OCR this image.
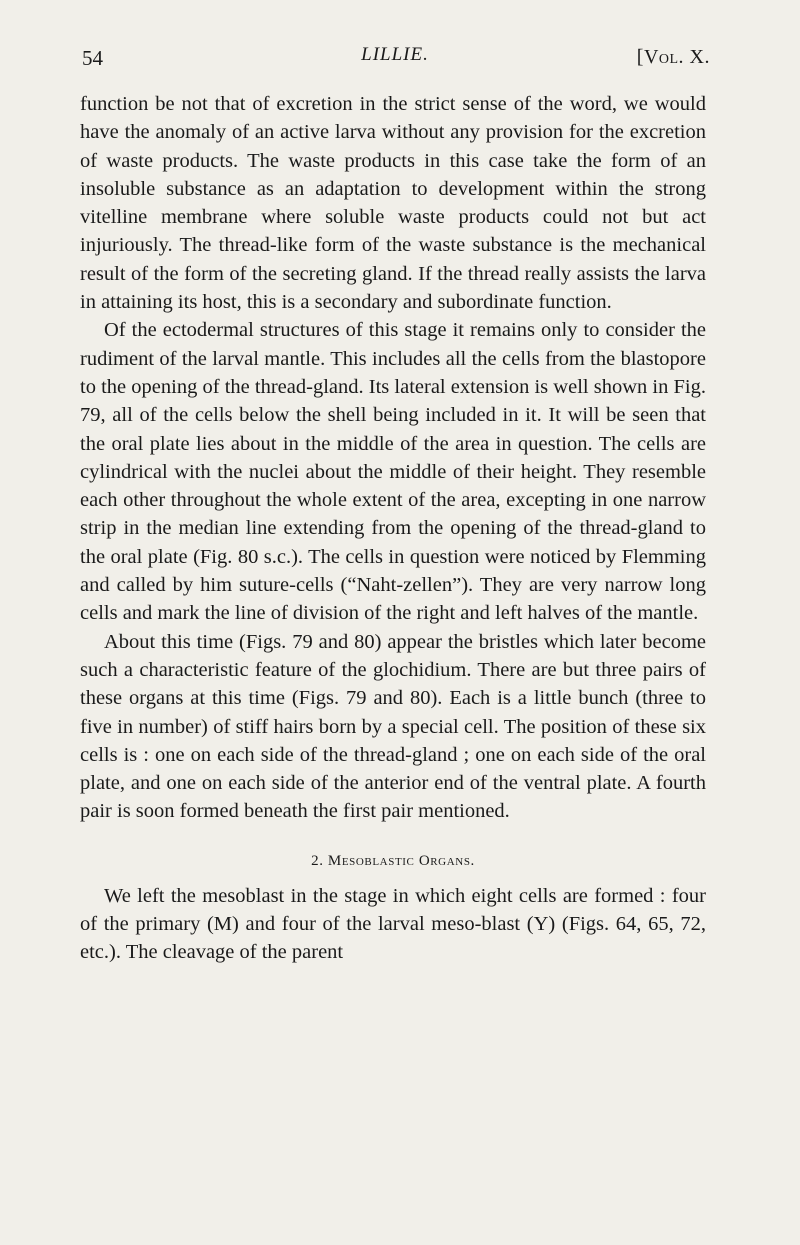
54	LILLIE.	[Vol. X.

function be not that of excretion in the strict sense of the word, we would have the anomaly of an active larva without any provision for the excretion of waste products. The waste products in this case take the form of an insoluble substance as an adaptation to development within the strong vitelline membrane where soluble waste products could not but act injuriously. The thread-like form of the waste substance is the mechanical result of the form of the secreting gland. If the thread really assists the larva in attaining its host, this is a secondary and subordinate function.

Of the ectodermal structures of this stage it remains only to consider the rudiment of the larval mantle. This includes all the cells from the blastopore to the opening of the thread-gland. Its lateral extension is well shown in Fig. 79, all of the cells below the shell being included in it. It will be seen that the oral plate lies about in the middle of the area in question. The cells are cylindrical with the nuclei about the middle of their height. They resemble each other throughout the whole extent of the area, excepting in one narrow strip in the median line extending from the opening of the thread-gland to the oral plate (Fig. 80 s.c.). The cells in question were noticed by Flemming and called by him suture-cells (“Naht-zellen”). They are very narrow long cells and mark the line of division of the right and left halves of the mantle.

About this time (Figs. 79 and 80) appear the bristles which later become such a characteristic feature of the glochidium. There are but three pairs of these organs at this time (Figs. 79 and 80). Each is a little bunch (three to five in number) of stiff hairs born by a special cell. The position of these six cells is : one on each side of the thread-gland ; one on each side of the oral plate, and one on each side of the anterior end of the ventral plate. A fourth pair is soon formed beneath the first pair mentioned.

2. Mesoblastic Organs.

We left the mesoblast in the stage in which eight cells are formed : four of the primary (M) and four of the larval meso-blast (Y) (Figs. 64, 65, 72, etc.). The cleavage of the parent
